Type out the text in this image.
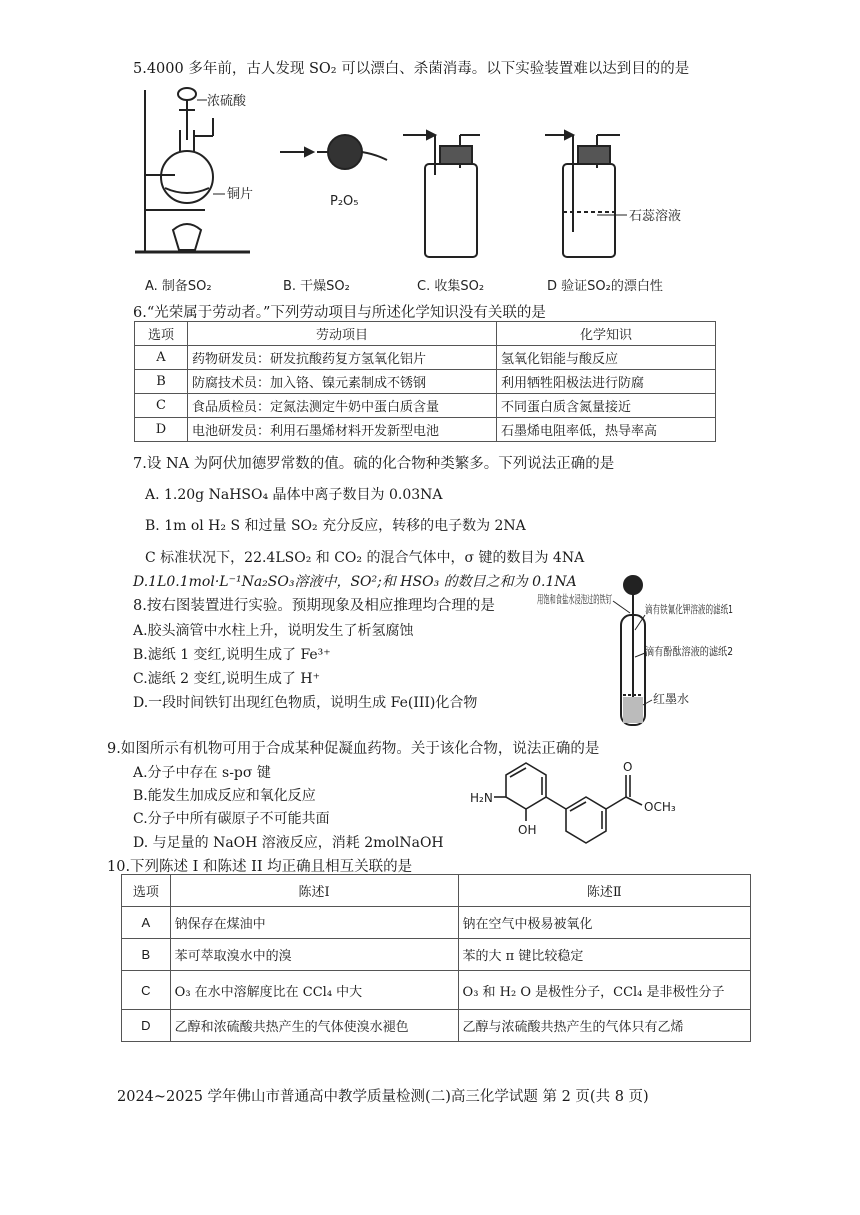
5.4000 多年前，古人发现 SO₂ 可以漂白、杀菌消毒。以下实验装置难以达到目的的是
浓硫酸
铜片	P₂O₅
石蕊溶液
A. 制备SO₂	B. 干燥SO₂	C. 收集SO₂	D 验证SO₂的漂白性
6.“光荣属于劳动者。”下列劳动项目与所述化学知识没有关联的是
选项	劳动项目	化学知识
A	药物研发员：研发抗酸药复方氢氧化铝片	氢氧化铝能与酸反应
B	防腐技术员：加入铬、镍元素制成不锈钢	利用牺牲阳极法进行防腐
C	食品质检员：定氮法测定牛奶中蛋白质含量	不同蛋白质含氮量接近
D	电池研发员：利用石墨烯材料开发新型电池	石墨烯电阻率低，热导率高
7.设 NA 为阿伏加德罗常数的值。硫的化合物种类繁多。下列说法正确的是
A. 1.20g NaHSO₄ 晶体中离子数目为 0.03NA
B. 1m ol H₂ S 和过量 SO₂ 充分反应，转移的电子数为 2NA
C 标准状况下，22.4LSO₂ 和 CO₂ 的混合气体中，σ 键的数目为 4NA
D.1L0.1mol·L⁻¹Na₂SO₃溶液中，SO²;和 HSO₃ 的数目之和为 0.1NA
8.按右图装置进行实验。预期现象及相应推理均合理的是
A.胶头滴管中水柱上升，说明发生了析氢腐蚀
B.滤纸 1 变红,说明生成了 Fe³⁺
C.滤纸 2 变红,说明生成了 H⁺
D.一段时间铁钉出现红色物质，说明生成 Fe(III)化合物
用饱和食盐水浸泡过的铁钉
滴有铁氰化钾溶液的滤纸1
滴有酚酞溶液的滤纸2
红墨水
9.如图所示有机物可用于合成某种促凝血药物。关于该化合物，说法正确的是
A.分子中存在 s-pσ 键
B.能发生加成反应和氧化反应
C.分子中所有碳原子不可能共面
D. 与足量的 NaOH 溶液反应，消耗 2molNaOH
H₂N
OH
O
OCH₃
10.下列陈述 I 和陈述 II 均正确且相互关联的是
选项	陈述Ⅰ	陈述Ⅱ
A	钠保存在煤油中	钠在空气中极易被氧化
B	苯可萃取溴水中的溴	苯的大 π 键比较稳定
C	O₃ 在水中溶解度比在 CCl₄ 中大	O₃ 和 H₂ O 是极性分子，CCl₄ 是非极性分子
D	乙醇和浓硫酸共热产生的气体使溴水褪色	乙醇与浓硫酸共热产生的气体只有乙烯
2024~2025 学年佛山市普通高中教学质量检测(二)高三化学试题 第 2 页(共 8 页)
